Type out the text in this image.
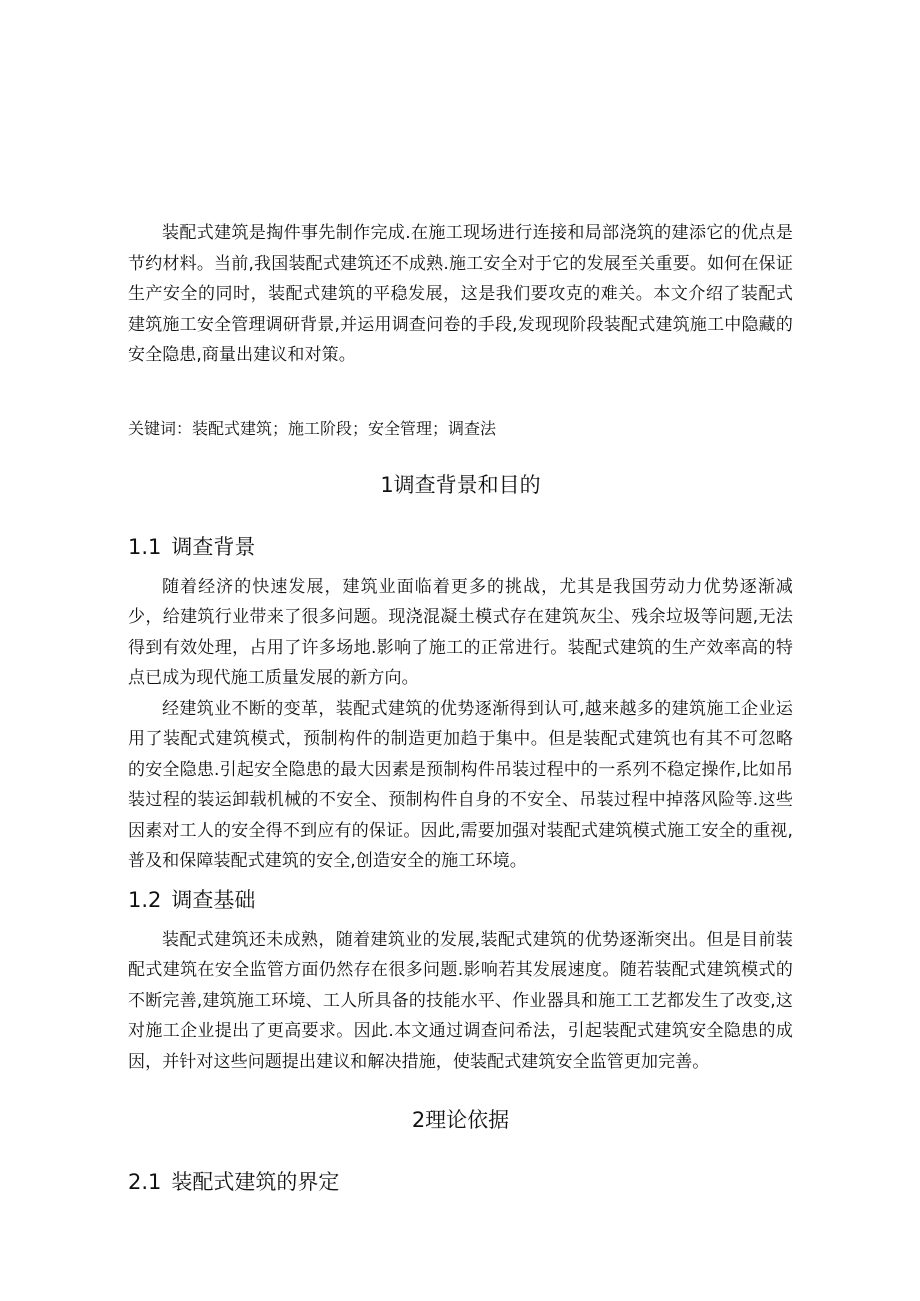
装配式建筑是掏件事先制作完成.在施工现场进行连接和局部浇筑的建添它的优点是节约材料。当前,我国装配式建筑还不成熟.施工安全对于它的发展至关重要。如何在保证生产安全的同时，装配式建筑的平稳发展，这是我们要攻克的难关。本文介绍了装配式建筑施工安全管理调研背景,并运用调查问卷的手段,发现现阶段装配式建筑施工中隐藏的安全隐患,商量出建议和对策。

关键词：装配式建筑；施工阶段；安全管理；调查法

1调查背景和目的
1.1 调查背景

随着经济的快速发展，建筑业面临着更多的挑战，尤其是我国劳动力优势逐渐减少，给建筑行业带来了很多问题。现浇混凝土模式存在建筑灰尘、残余垃圾等问题,无法得到有效处理，占用了许多场地.影响了施工的正常进行。装配式建筑的生产效率高的特点已成为现代施工质量发展的新方向。

经建筑业不断的变革，装配式建筑的优势逐渐得到认可,越来越多的建筑施工企业运用了装配式建筑模式，预制构件的制造更加趋于集中。但是装配式建筑也有其不可忽略的安全隐患.引起安全隐患的最大因素是预制构件吊装过程中的一系列不稳定操作,比如吊装过程的装运卸载机械的不安全、预制构件自身的不安全、吊装过程中掉落风险等.这些因素对工人的安全得不到应有的保证。因此,需要加强对装配式建筑模式施工安全的重视,普及和保障装配式建筑的安全,创造安全的施工环境。

1.2 调查基础

装配式建筑还未成熟，随着建筑业的发展,装配式建筑的优势逐渐突出。但是目前装配式建筑在安全监管方面仍然存在很多问题.影响若其发展速度。随若装配式建筑模式的不断完善,建筑施工环境、工人所具备的技能水平、作业器具和施工工艺都发生了改变,这对施工企业提出了更高要求。因此.本文通过调查问希法，引起装配式建筑安全隐患的成因，并针对这些问题提出建议和解决措施，使装配式建筑安全监管更加完善。

2理论依据
2.1 装配式建筑的界定
